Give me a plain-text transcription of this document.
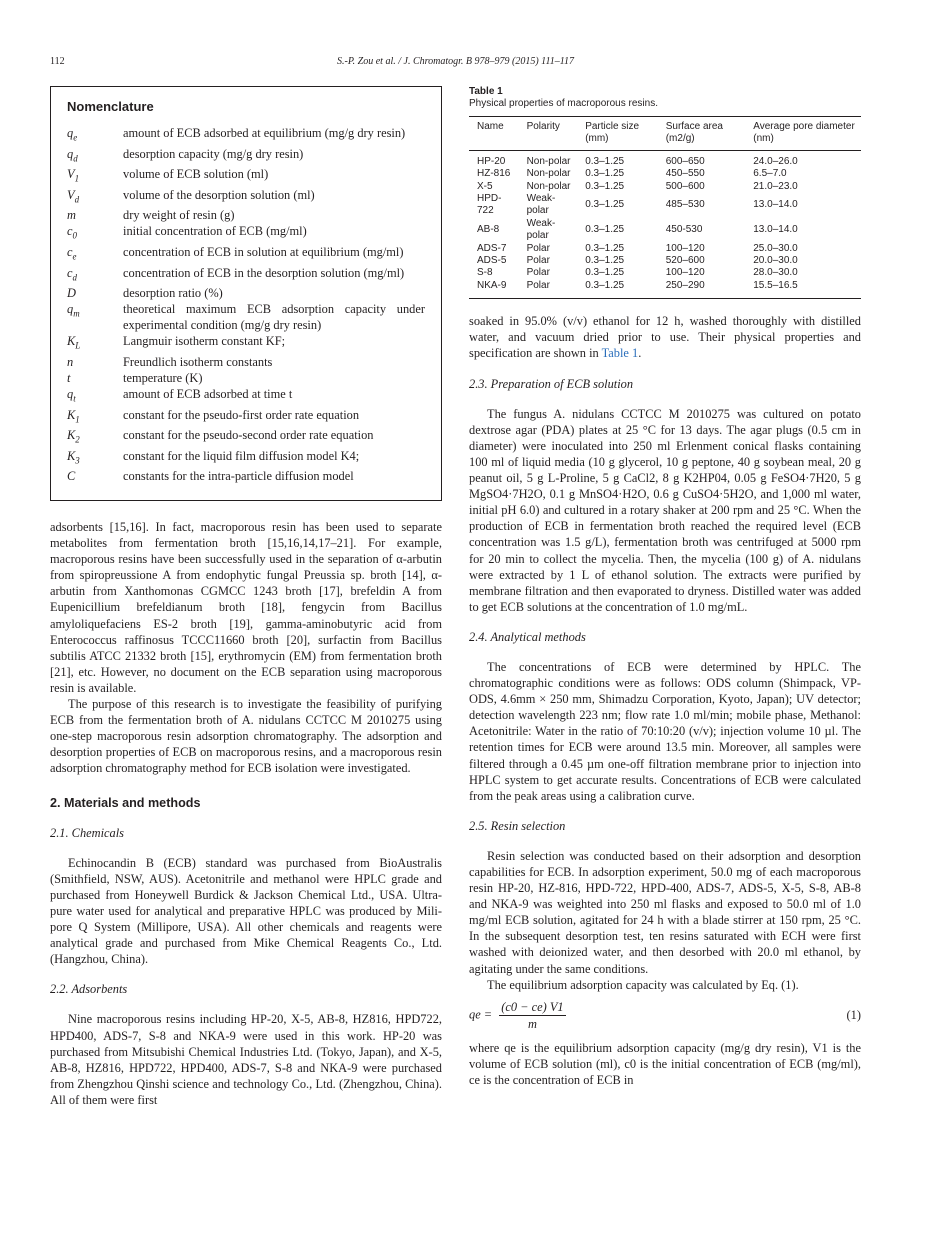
112	S.-P. Zou et al. / J. Chromatogr. B 978–979 (2015) 111–117
Nomenclature
$q_e$	amount of ECB adsorbed at equilibrium (mg/g dry resin)
$q_d$	desorption capacity (mg/g dry resin)
$V_1$	volume of ECB solution (ml)
$V_d$	volume of the desorption solution (ml)
m	dry weight of resin (g)
$c_0$	initial concentration of ECB (mg/ml)
$c_e$	concentration of ECB in solution at equilibrium (mg/ml)
$c_d$	concentration of ECB in the desorption solution (mg/ml)
D	desorption ratio (%)
$q_m$	theoretical maximum ECB adsorption capacity under experimental condition (mg/g dry resin)
$K_L$	Langmuir isotherm constant KF;
n	Freundlich isotherm constants
t	temperature (K)
$q_t$	amount of ECB adsorbed at time t
$K_1$	constant for the pseudo-first order rate equation
$K_2$	constant for the pseudo-second order rate equation
$K_3$	constant for the liquid film diffusion model K4;
C	constants for the intra-particle diffusion model

adsorbents [15,16]. In fact, macroporous resin has been used to separate metabolites from fermentation broth [15,16,14,17–21]. For example, macroporous resins have been successfully used in the separation of α-arbutin from spiropreussione A from endophytic fungal Preussia sp. broth [14], α-arbutin from Xanthomonas CGMCC 1243 broth [17], brefeldin A from Eupenicillium brefeldianum broth [18], fengycin from Bacillus amyloliquefaciens ES-2 broth [19], gamma-aminobutyric acid from Enterococcus raffinosus TCCC11660 broth [20], surfactin from Bacillus subtilis ATCC 21332 broth [15], erythromycin (EM) from fermentation broth [21], etc. However, no document on the ECB separation using macroporous resin is available.

The purpose of this research is to investigate the feasibility of purifying ECB from the fermentation broth of A. nidulans CCTCC M 2010275 using one-step macroporous resin adsorption chromatography. The adsorption and desorption properties of ECB on macroporous resins, and a macroporous resin adsorption chromatography method for ECB isolation were investigated.

2. Materials and methods
2.1. Chemicals

Echinocandin B (ECB) standard was purchased from BioAustralis (Smithfield, NSW, AUS). Acetonitrile and methanol were HPLC grade and purchased from Honeywell Burdick & Jackson Chemical Ltd., USA. Ultra-pure water used for analytical and preparative HPLC was produced by Mili-pore Q System (Millipore, USA). All other chemicals and reagents were analytical grade and purchased from Mike Chemical Reagents Co., Ltd. (Hangzhou, China).

2.2. Adsorbents

Nine macroporous resins including HP-20, X-5, AB-8, HZ816, HPD722, HPD400, ADS-7, S-8 and NKA-9 were used in this work. HP-20 was purchased from Mitsubishi Chemical Industries Ltd. (Tokyo, Japan), and X-5, AB-8, HZ816, HPD722, HPD400, ADS-7, S-8 and NKA-9 were purchased from Zhengzhou Qinshi science and technology Co., Ltd. (Zhengzhou, China). All of them were first

Table 1
Physical properties of macroporous resins.
Name	Polarity	Particle size (mm)	Surface area (m2/g)	Average pore diameter (nm)
HP-20	Non-polar	0.3–1.25	600–650	24.0–26.0
HZ-816	Non-polar	0.3–1.25	450–550	6.5–7.0
X-5	Non-polar	0.3–1.25	500–600	21.0–23.0
HPD-722	Weak-polar	0.3–1.25	485–530	13.0–14.0
AB-8	Weak-polar	0.3–1.25	450-530	13.0–14.0
ADS-7	Polar	0.3–1.25	100–120	25.0–30.0
ADS-5	Polar	0.3–1.25	520–600	20.0–30.0
S-8	Polar	0.3–1.25	100–120	28.0–30.0
NKA-9	Polar	0.3–1.25	250–290	15.5–16.5

soaked in 95.0% (v/v) ethanol for 12 h, washed thoroughly with distilled water, and vacuum dried prior to use. Their physical properties and specification are shown in Table 1.

2.3. Preparation of ECB solution

The fungus A. nidulans CCTCC M 2010275 was cultured on potato dextrose agar (PDA) plates at 25 °C for 13 days. The agar plugs (0.5 cm in diameter) were inoculated into 250 ml Erlenment conical flasks containing 100 ml of liquid media (10 g glycerol, 10 g peptone, 40 g soybean meal, 20 g peanut oil, 5 g L-Proline, 5 g CaCl2, 8 g K2HP04, 0.05 g FeSO4·7H20, 5 g MgSO4·7H2O, 0.1 g MnSO4·H2O, 0.6 g CuSO4·5H2O, and 1,000 ml water, initial pH 6.0) and cultured in a rotary shaker at 200 rpm and 25 °C. When the production of ECB in fermentation broth reached the required level (ECB concentration was 1.5 g/L), fermentation broth was centrifuged at 5000 rpm for 20 min to collect the mycelia. Then, the mycelia (100 g) of A. nidulans were extracted by 1 L of ethanol solution. The extracts were purified by membrane filtration and then evaporated to dryness. Distilled water was added to get ECB solutions at the concentration of 1.0 mg/mL.

2.4. Analytical methods

The concentrations of ECB were determined by HPLC. The chromatographic conditions were as follows: ODS column (Shimpack, VP-ODS, 4.6mm × 250 mm, Shimadzu Corporation, Kyoto, Japan); UV detector; detection wavelength 223 nm; flow rate 1.0 ml/min; mobile phase, Methanol: Acetonitrile: Water in the ratio of 70:10:20 (v/v); injection volume 10 µl. The retention times for ECB were around 13.5 min. Moreover, all samples were filtered through a 0.45 µm one-off filtration membrane prior to injection into HPLC system to get accurate results. Concentrations of ECB were calculated from the peak areas using a calibration curve.

2.5. Resin selection

Resin selection was conducted based on their adsorption and desorption capabilities for ECB. In adsorption experiment, 50.0 mg of each macroporous resin HP-20, HZ-816, HPD-722, HPD-400, ADS-7, ADS-5, X-5, S-8, AB-8 and NKA-9 was weighted into 250 ml flasks and exposed to 50.0 ml of 1.0 mg/ml ECB solution, agitated for 24 h with a blade stirrer at 150 rpm, 25 °C. In the subsequent desorption test, ten resins saturated with ECH were first washed with deionized water, and then desorbed with 20.0 ml ethanol, by agitating under the same conditions.

The equilibrium adsorption capacity was calculated by Eq. (1).

qe = $\frac{(c0 - ce) V1}{m}$	(1)

where qe is the equilibrium adsorption capacity (mg/g dry resin), V1 is the volume of ECB solution (ml), c0 is the initial concentration of ECB (mg/ml), ce is the concentration of ECB in
